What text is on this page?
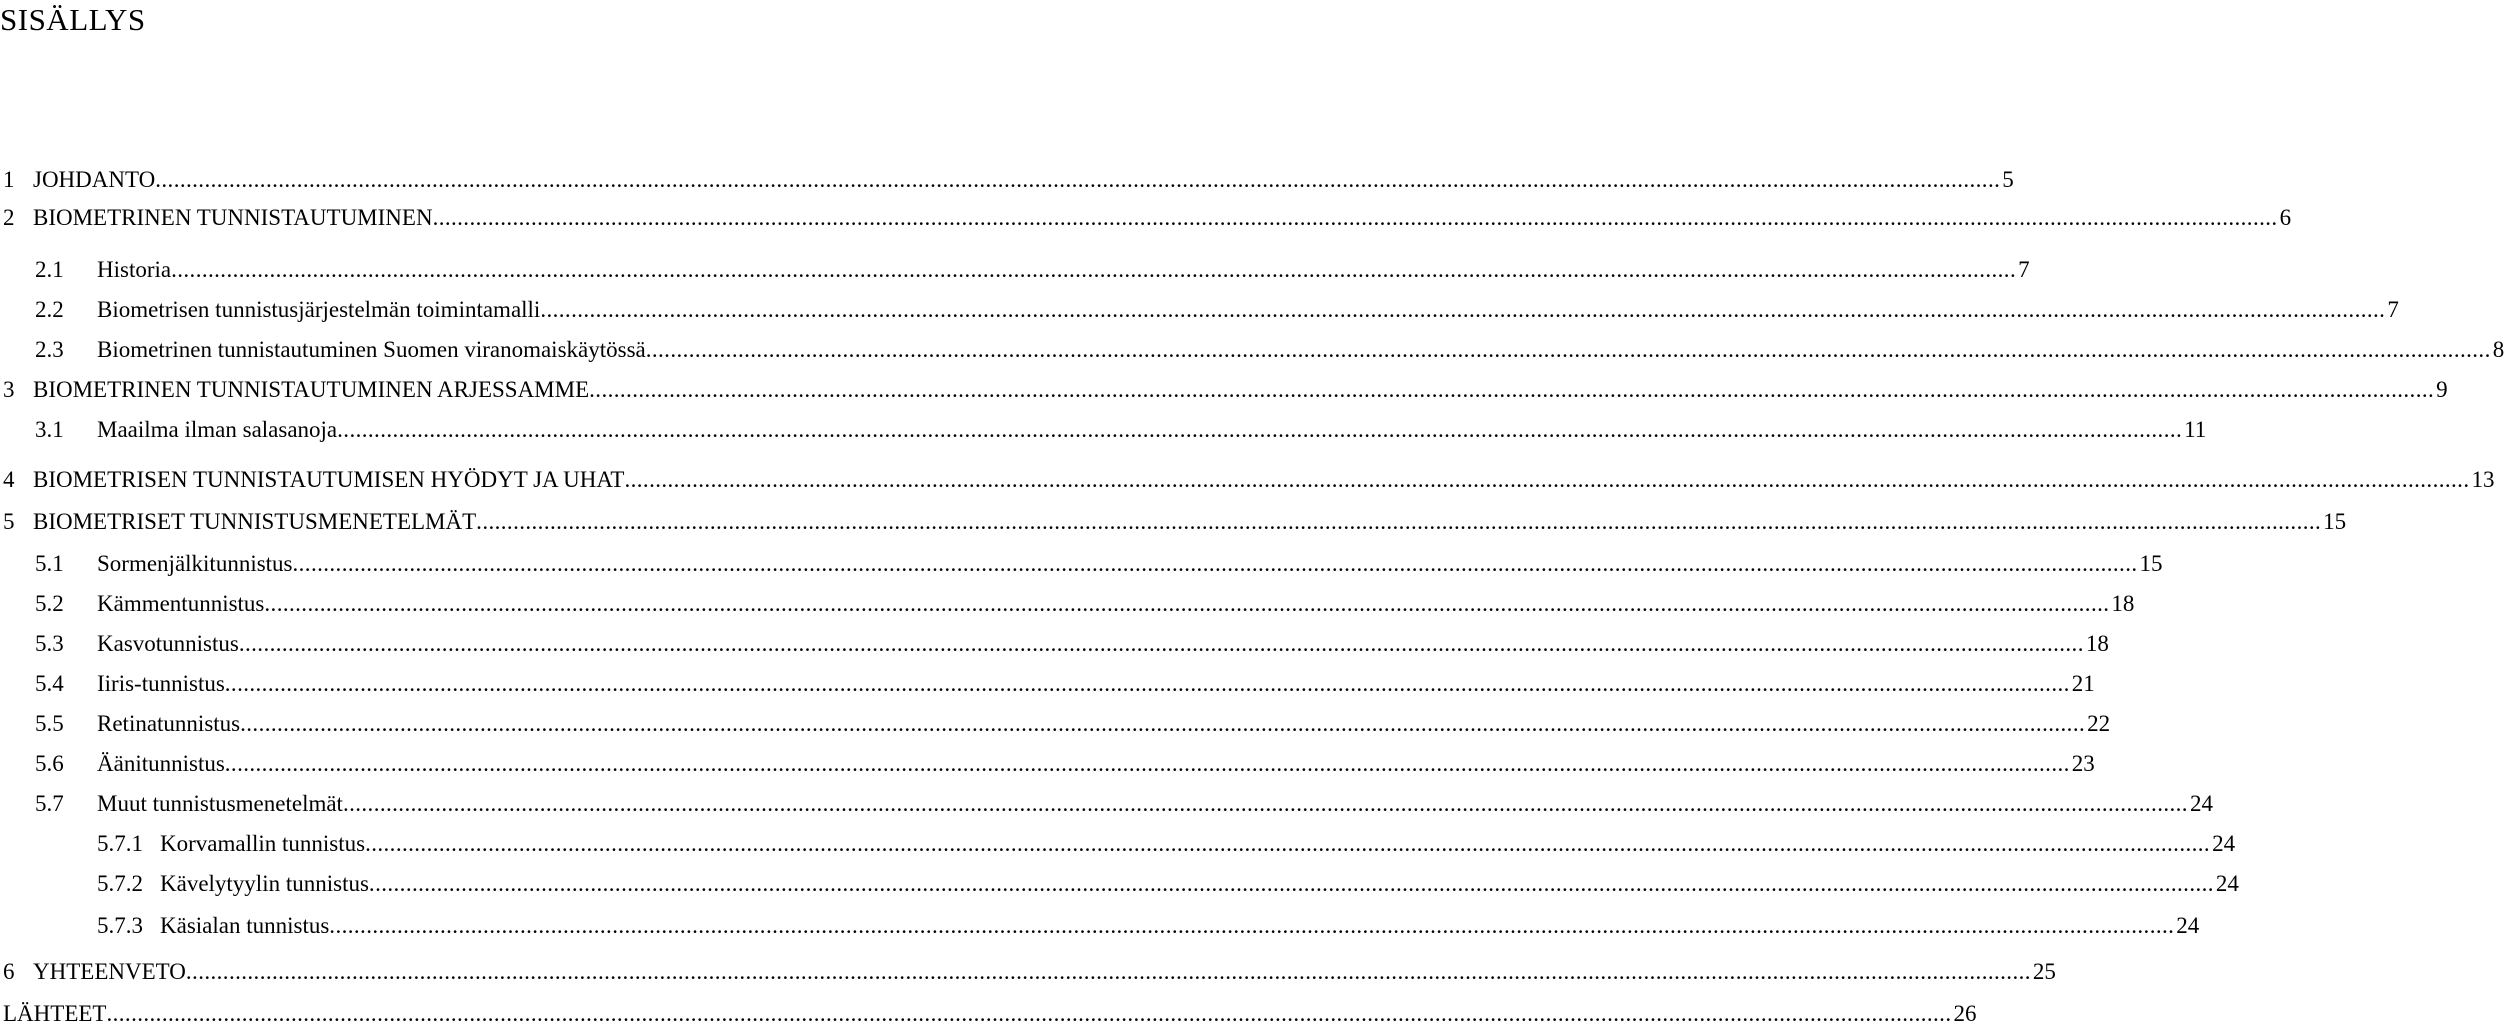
SISÄLLYS
1 JOHDANTO ............................................................................................................................................................................................................................................................................................................ 5
2 BIOMETRINEN TUNNISTAUTUMINEN ............................................................................................................................................................................................................................................................................................................ 6
2.1 Historia ............................................................................................................................................................................................................................................................................................................ 7
2.2 Biometrisen tunnistusjärjestelmän toimintamalli ............................................................................................................................................................................................................................................................................................................ 7
2.3 Biometrinen tunnistautuminen Suomen viranomaiskäytössä ............................................................................................................................................................................................................................................................................................................ 8
3 BIOMETRINEN TUNNISTAUTUMINEN ARJESSAMME ............................................................................................................................................................................................................................................................................................................ 9
3.1 Maailma ilman salasanoja ............................................................................................................................................................................................................................................................................................................ 11
4 BIOMETRISEN TUNNISTAUTUMISEN HYÖDYT JA UHAT ............................................................................................................................................................................................................................................................................................................ 13
5 BIOMETRISET TUNNISTUSMENETELMÄT ............................................................................................................................................................................................................................................................................................................ 15
5.1 Sormenjälkitunnistus ............................................................................................................................................................................................................................................................................................................ 15
5.2 Kämmentunnistus ............................................................................................................................................................................................................................................................................................................ 18
5.3 Kasvotunnistus ............................................................................................................................................................................................................................................................................................................ 18
5.4 Iiris-tunnistus ............................................................................................................................................................................................................................................................................................................ 21
5.5 Retinatunnistus ............................................................................................................................................................................................................................................................................................................ 22
5.6 Äänitunnistus ............................................................................................................................................................................................................................................................................................................ 23
5.7 Muut tunnistusmenetelmät ............................................................................................................................................................................................................................................................................................................ 24
5.7.1 Korvamallin tunnistus ............................................................................................................................................................................................................................................................................................................ 24
5.7.2 Kävelytyylin tunnistus ............................................................................................................................................................................................................................................................................................................ 24
5.7.3 Käsialan tunnistus ............................................................................................................................................................................................................................................................................................................ 24
6 YHTEENVETO ............................................................................................................................................................................................................................................................................................................ 25
LÄHTEET ............................................................................................................................................................................................................................................................................................................ 26
